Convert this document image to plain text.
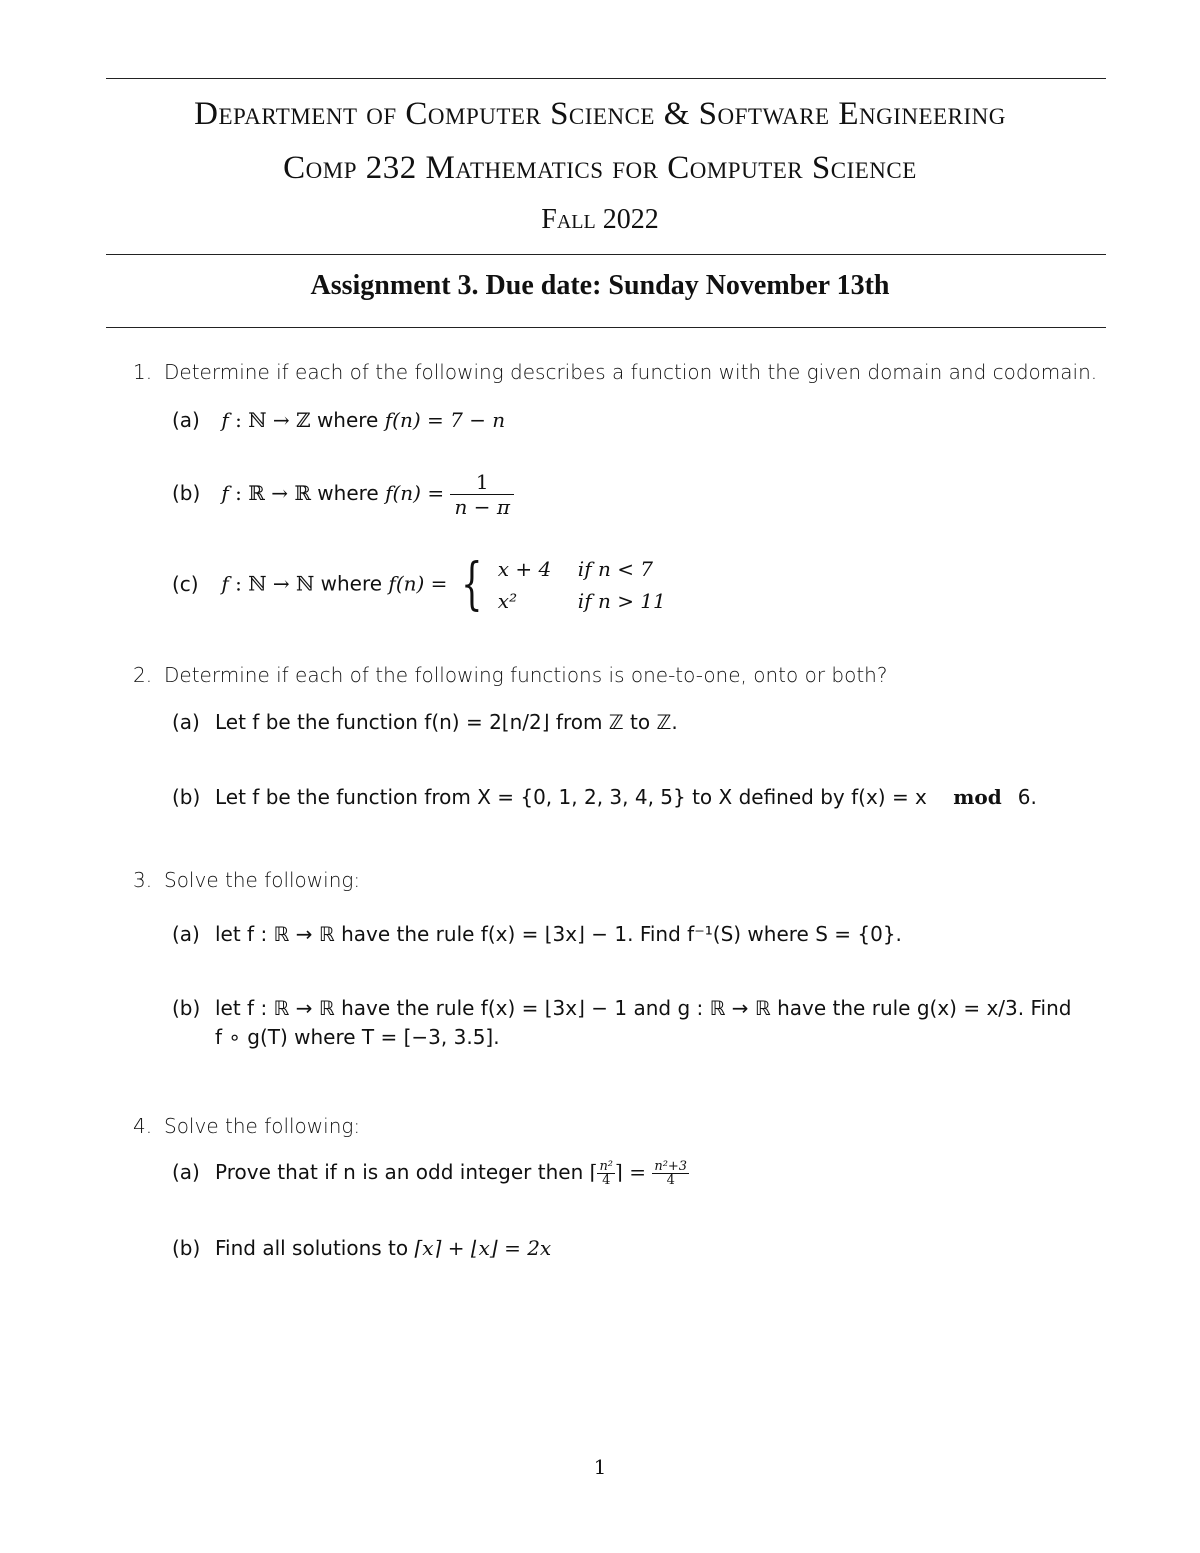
Department of Computer Science & Software Engineering
Comp 232 Mathematics for Computer Science
Fall 2022
Assignment 3. Due date: Sunday November 13th
1. Determine if each of the following describes a function with the given domain and codomain.
(a) f : ℕ → ℤ where f(n) = 7 − n
(b) f : ℝ → ℝ where $f(n) = \frac{1}{n - \pi}$
(c) f : ℕ → ℕ where f(n) = { x + 4 if n < 7
x²	if n > 11
2. Determine if each of the following functions is one-to-one, onto or both?
(a) Let f be the function f(n) = 2⌊n/2⌋ from ℤ to ℤ.
(b) Let f be the function from X = {0, 1, 2, 3, 4, 5} to X defined by f(x) = x mod 6.
3. Solve the following:
(a) let f : ℝ → ℝ have the rule f(x) = ⌊3x⌋ − 1. Find f⁻¹(S) where S = {0}.
(b) let f : ℝ → ℝ have the rule f(x) = ⌊3x⌋ − 1 and g : ℝ → ℝ have the rule g(x) = x/3. Find
f ∘ g(T) where T = [−3, 3.5].
4. Solve the following:
(a) Prove that if n is an odd integer then ⌈ $\frac{\text{n²}}{4}$ ⌉ = $\frac{\text{n²+3}}{4}$
(b) Find all solutions to ⌈x⌉ + ⌊x⌋ = 2x
1
